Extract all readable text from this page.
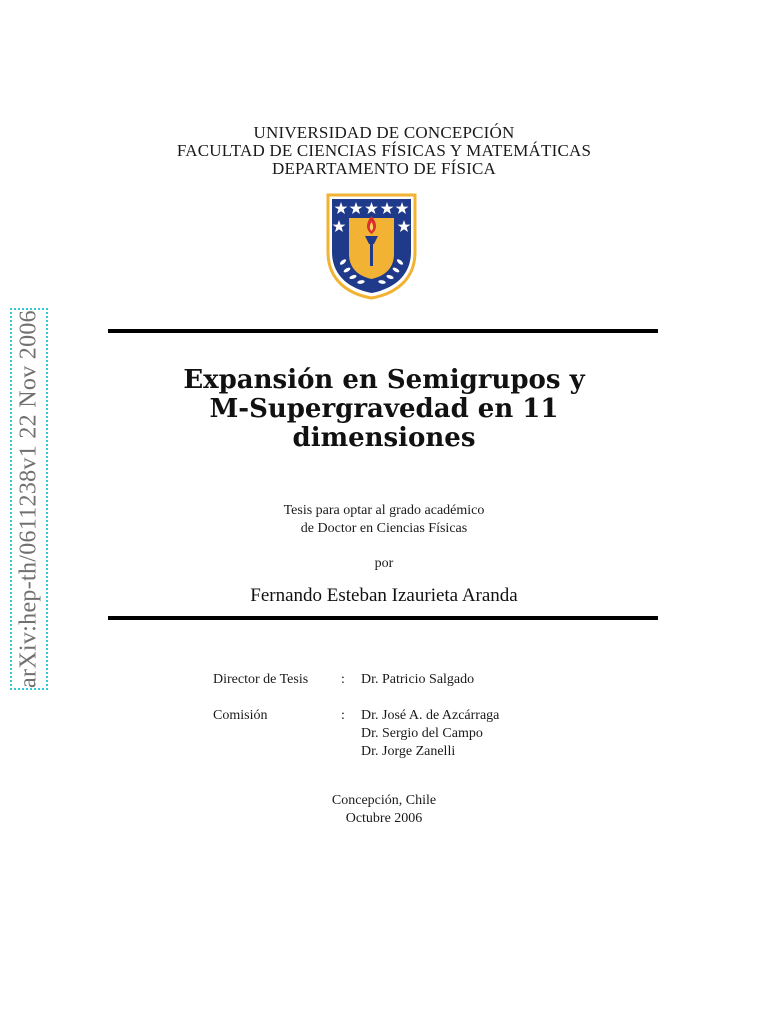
UNIVERSIDAD DE CONCEPCIÓN
FACULTAD DE CIENCIAS FÍSICAS Y MATEMÁTICAS
DEPARTAMENTO DE FÍSICA
Expansión en Semigrupos y
M-Supergravedad en 11
dimensiones
Tesis para optar al grado académico
de Doctor en Ciencias Físicas
por
Fernando Esteban Izaurieta Aranda
Director de Tesis : Dr. Patricio Salgado
Comisión	: Dr. José A. de Azcárraga
Dr. Sergio del Campo
Dr. Jorge Zanelli
Concepción, Chile
Octubre 2006
arXiv:hep-th/0611238v1 22 Nov 2006
